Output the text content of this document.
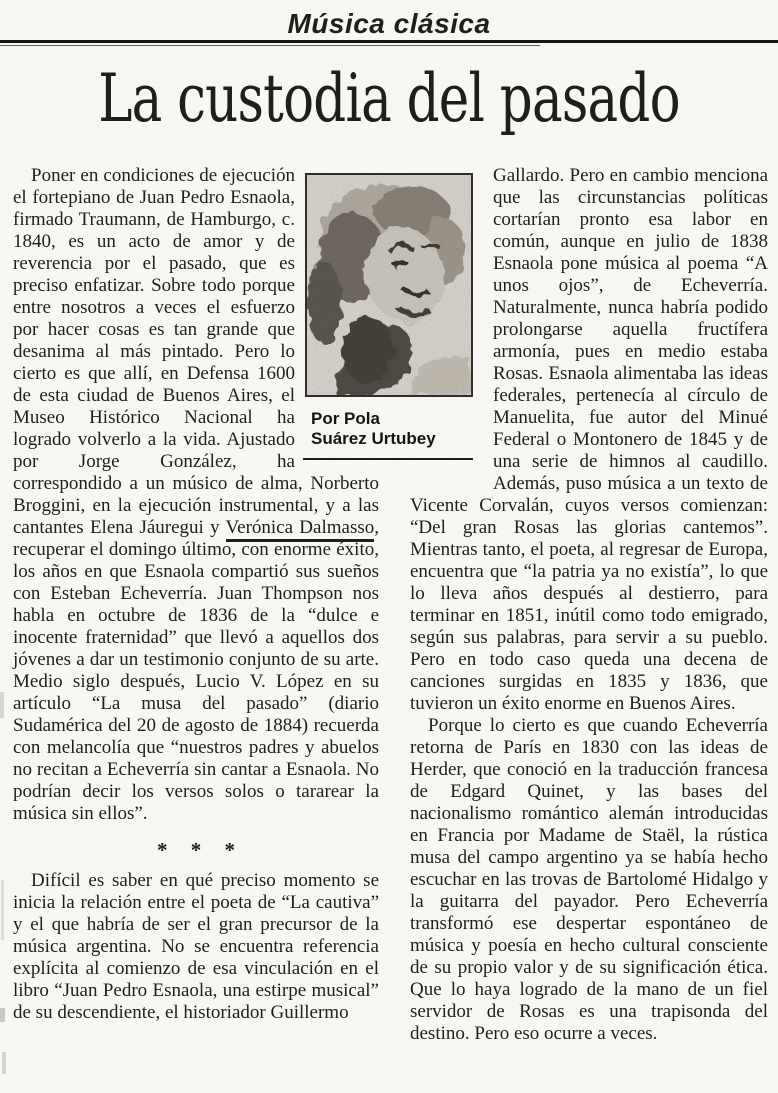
Música clásica
La custodia del pasado

Poner en condiciones de ejecución el fortepiano de Juan Pedro Esnaola, firmado Traumann, de Hamburgo, c. 1840, es un acto de amor y de reverencia por el pasado, que es preciso enfatizar. Sobre todo porque entre nosotros a veces el esfuerzo por hacer cosas es tan grande que desanima al más pintado. Pero lo cierto es que allí, en Defensa 1600 de esta ciudad de Buenos Aires, el Museo Histórico Nacional ha logrado volverlo a la vida. Ajustado por Jorge González, ha correspondido a un músico de alma, Norberto Broggini, en la ejecución instrumental, y a las cantantes Elena Jáuregui y Verónica Dalmasso, recuperar el domingo último, con enorme éxito, los años en que Esnaola compartió sus sueños con Esteban Echeverría. Juan Thompson nos habla en octubre de 1836 de la “dulce e inocente fraternidad” que llevó a aquellos dos jóvenes a dar un testimonio conjunto de su arte. Medio siglo después, Lucio V. López en su artículo “La musa del pasado” (diario Sudamérica del 20 de agosto de 1884) recuerda con melancolía que “nuestros padres y abuelos no recitan a Echeverría sin cantar a Esnaola. No podrían decir los versos solos o tararear la música sin ellos”.

* * *

Difícil es saber en qué preciso momento se inicia la relación entre el poeta de “La cautiva” y el que habría de ser el gran precursor de la música argentina. No se encuentra referencia explícita al comienzo de esa vinculación en el libro “Juan Pedro Esnaola, una estirpe musical” de su descendiente, el historiador Guillermo

Gallardo. Pero en cambio menciona que las circunstancias políticas cortarían pronto esa labor en común, aunque en julio de 1838 Esnaola pone música al poema “A unos ojos”, de Echeverría. Naturalmente, nunca habría podido prolongarse aquella fructífera armonía, pues en medio estaba Rosas. Esnaola alimentaba las ideas federales, pertenecía al círculo de Manuelita, fue autor del Minué Federal o Montonero de 1845 y de una serie de himnos al caudillo. Además, puso música a un texto de Vicente Corvalán, cuyos versos comienzan: “Del gran Rosas las glorias cantemos”. Mientras tanto, el poeta, al regresar de Europa, encuentra que “la patria ya no existía”, lo que lo lleva años después al destierro, para terminar en 1851, inútil como todo emigrado, según sus palabras, para servir a su pueblo. Pero en todo caso queda una decena de canciones surgidas en 1835 y 1836, que tuvieron un éxito enorme en Buenos Aires.

Porque lo cierto es que cuando Echeverría retorna de París en 1830 con las ideas de Herder, que conoció en la traducción francesa de Edgard Quinet, y las bases del nacionalismo romántico alemán introducidas en Francia por Madame de Staël, la rústica musa del campo argentino ya se había hecho escuchar en las trovas de Bartolomé Hidalgo y la guitarra del payador. Pero Echeverría transformó ese despertar espontáneo de música y poesía en hecho cultural consciente de su propio valor y de su significación ética. Que lo haya logrado de la mano de un fiel servidor de Rosas es una trapisonda del destino. Pero eso ocurre a veces.

Por Pola
Suárez Urtubey
